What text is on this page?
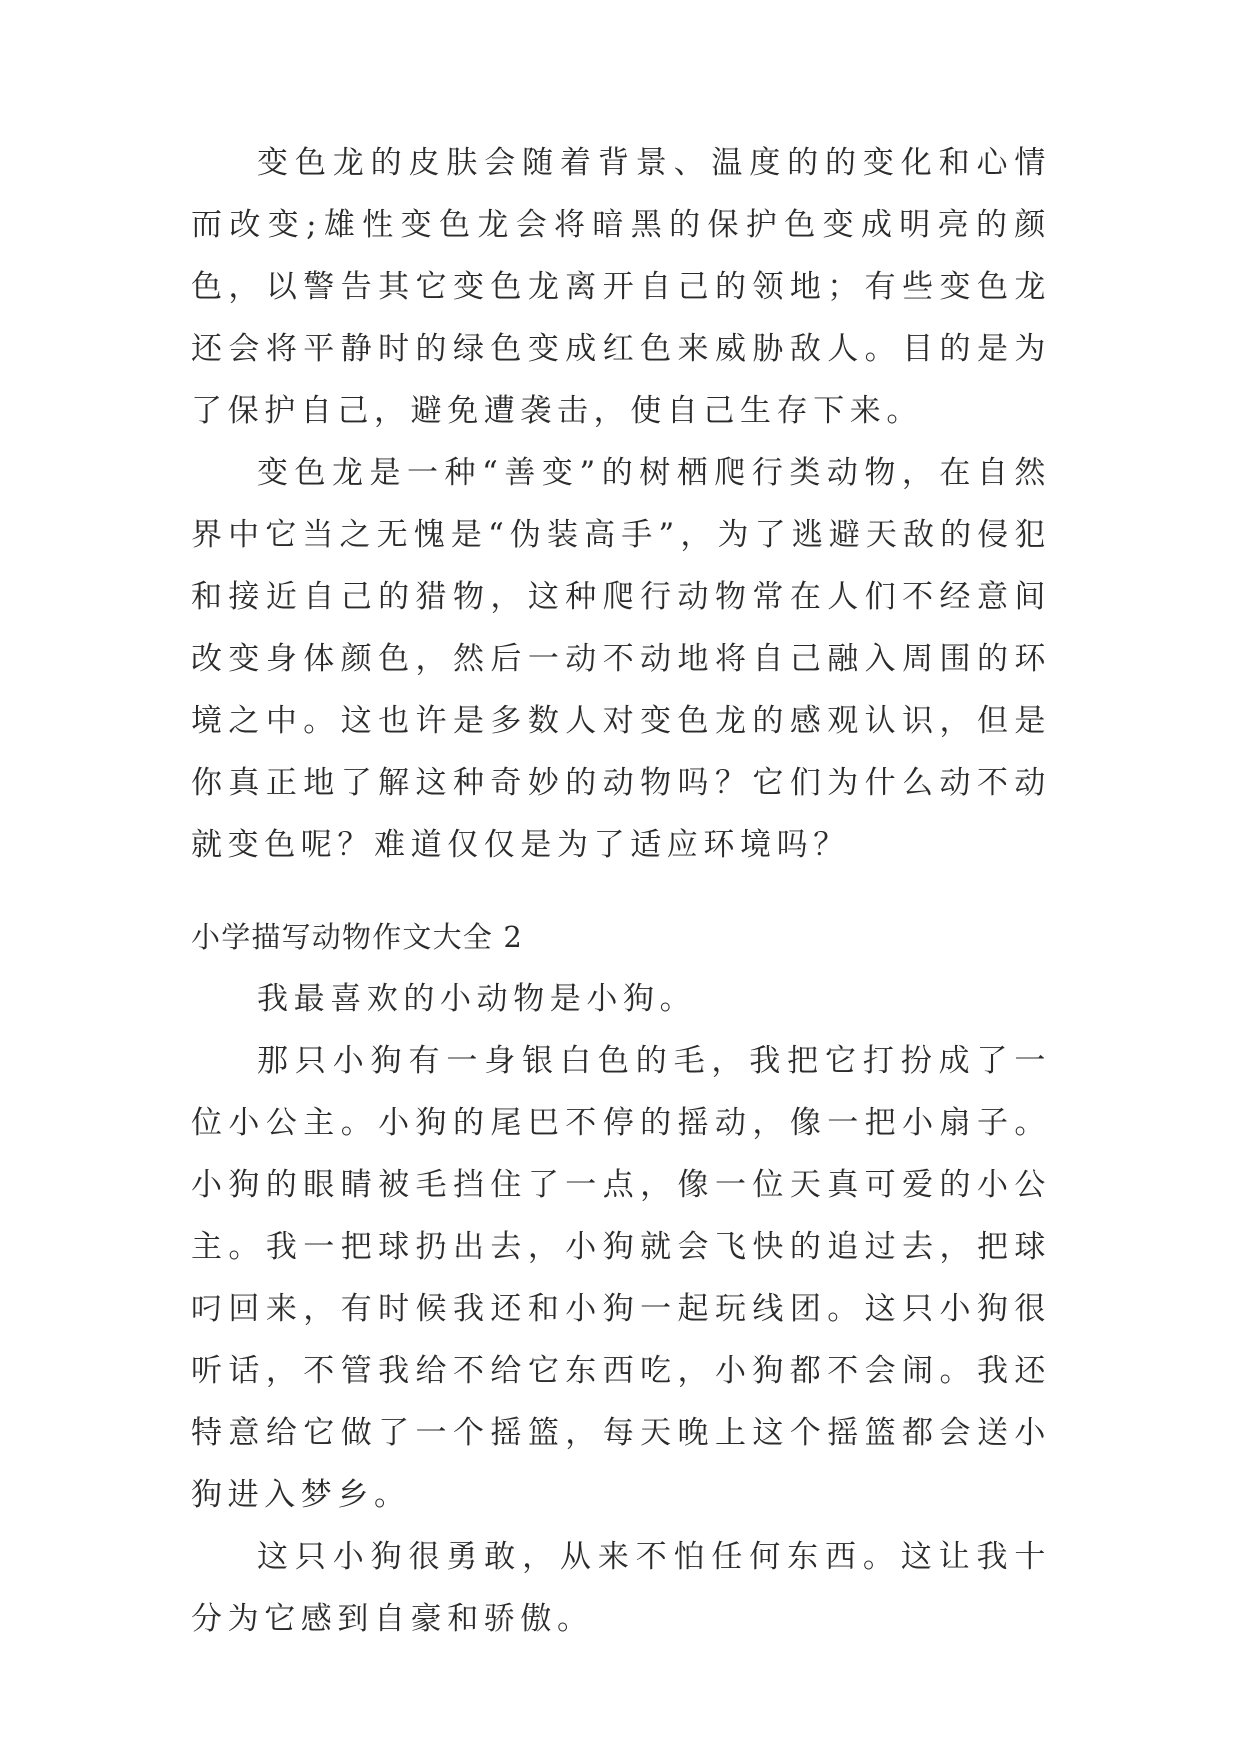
变色龙的皮肤会随着背景、温度的的变化和心情而改变;雄性变色龙会将暗黑的保护色变成明亮的颜色，以警告其它变色龙离开自己的领地；有些变色龙还会将平静时的绿色变成红色来威胁敌人。目的是为了保护自己，避免遭袭击，使自己生存下来。

变色龙是一种“善变”的树栖爬行类动物，在自然界中它当之无愧是“伪装高手”，为了逃避天敌的侵犯和接近自己的猎物，这种爬行动物常在人们不经意间改变身体颜色，然后一动不动地将自己融入周围的环境之中。这也许是多数人对变色龙的感观认识，但是你真正地了解这种奇妙的动物吗？它们为什么动不动就变色呢？难道仅仅是为了适应环境吗？

小学描写动物作文大全 2

我最喜欢的小动物是小狗。

那只小狗有一身银白色的毛，我把它打扮成了一位小公主。小狗的尾巴不停的摇动，像一把小扇子。小狗的眼睛被毛挡住了一点，像一位天真可爱的小公主。我一把球扔出去，小狗就会飞快的追过去，把球叼回来，有时候我还和小狗一起玩线团。这只小狗很听话，不管我给不给它东西吃，小狗都不会闹。我还特意给它做了一个摇篮，每天晚上这个摇篮都会送小狗进入梦乡。

这只小狗很勇敢，从来不怕任何东西。这让我十分为它感到自豪和骄傲。
